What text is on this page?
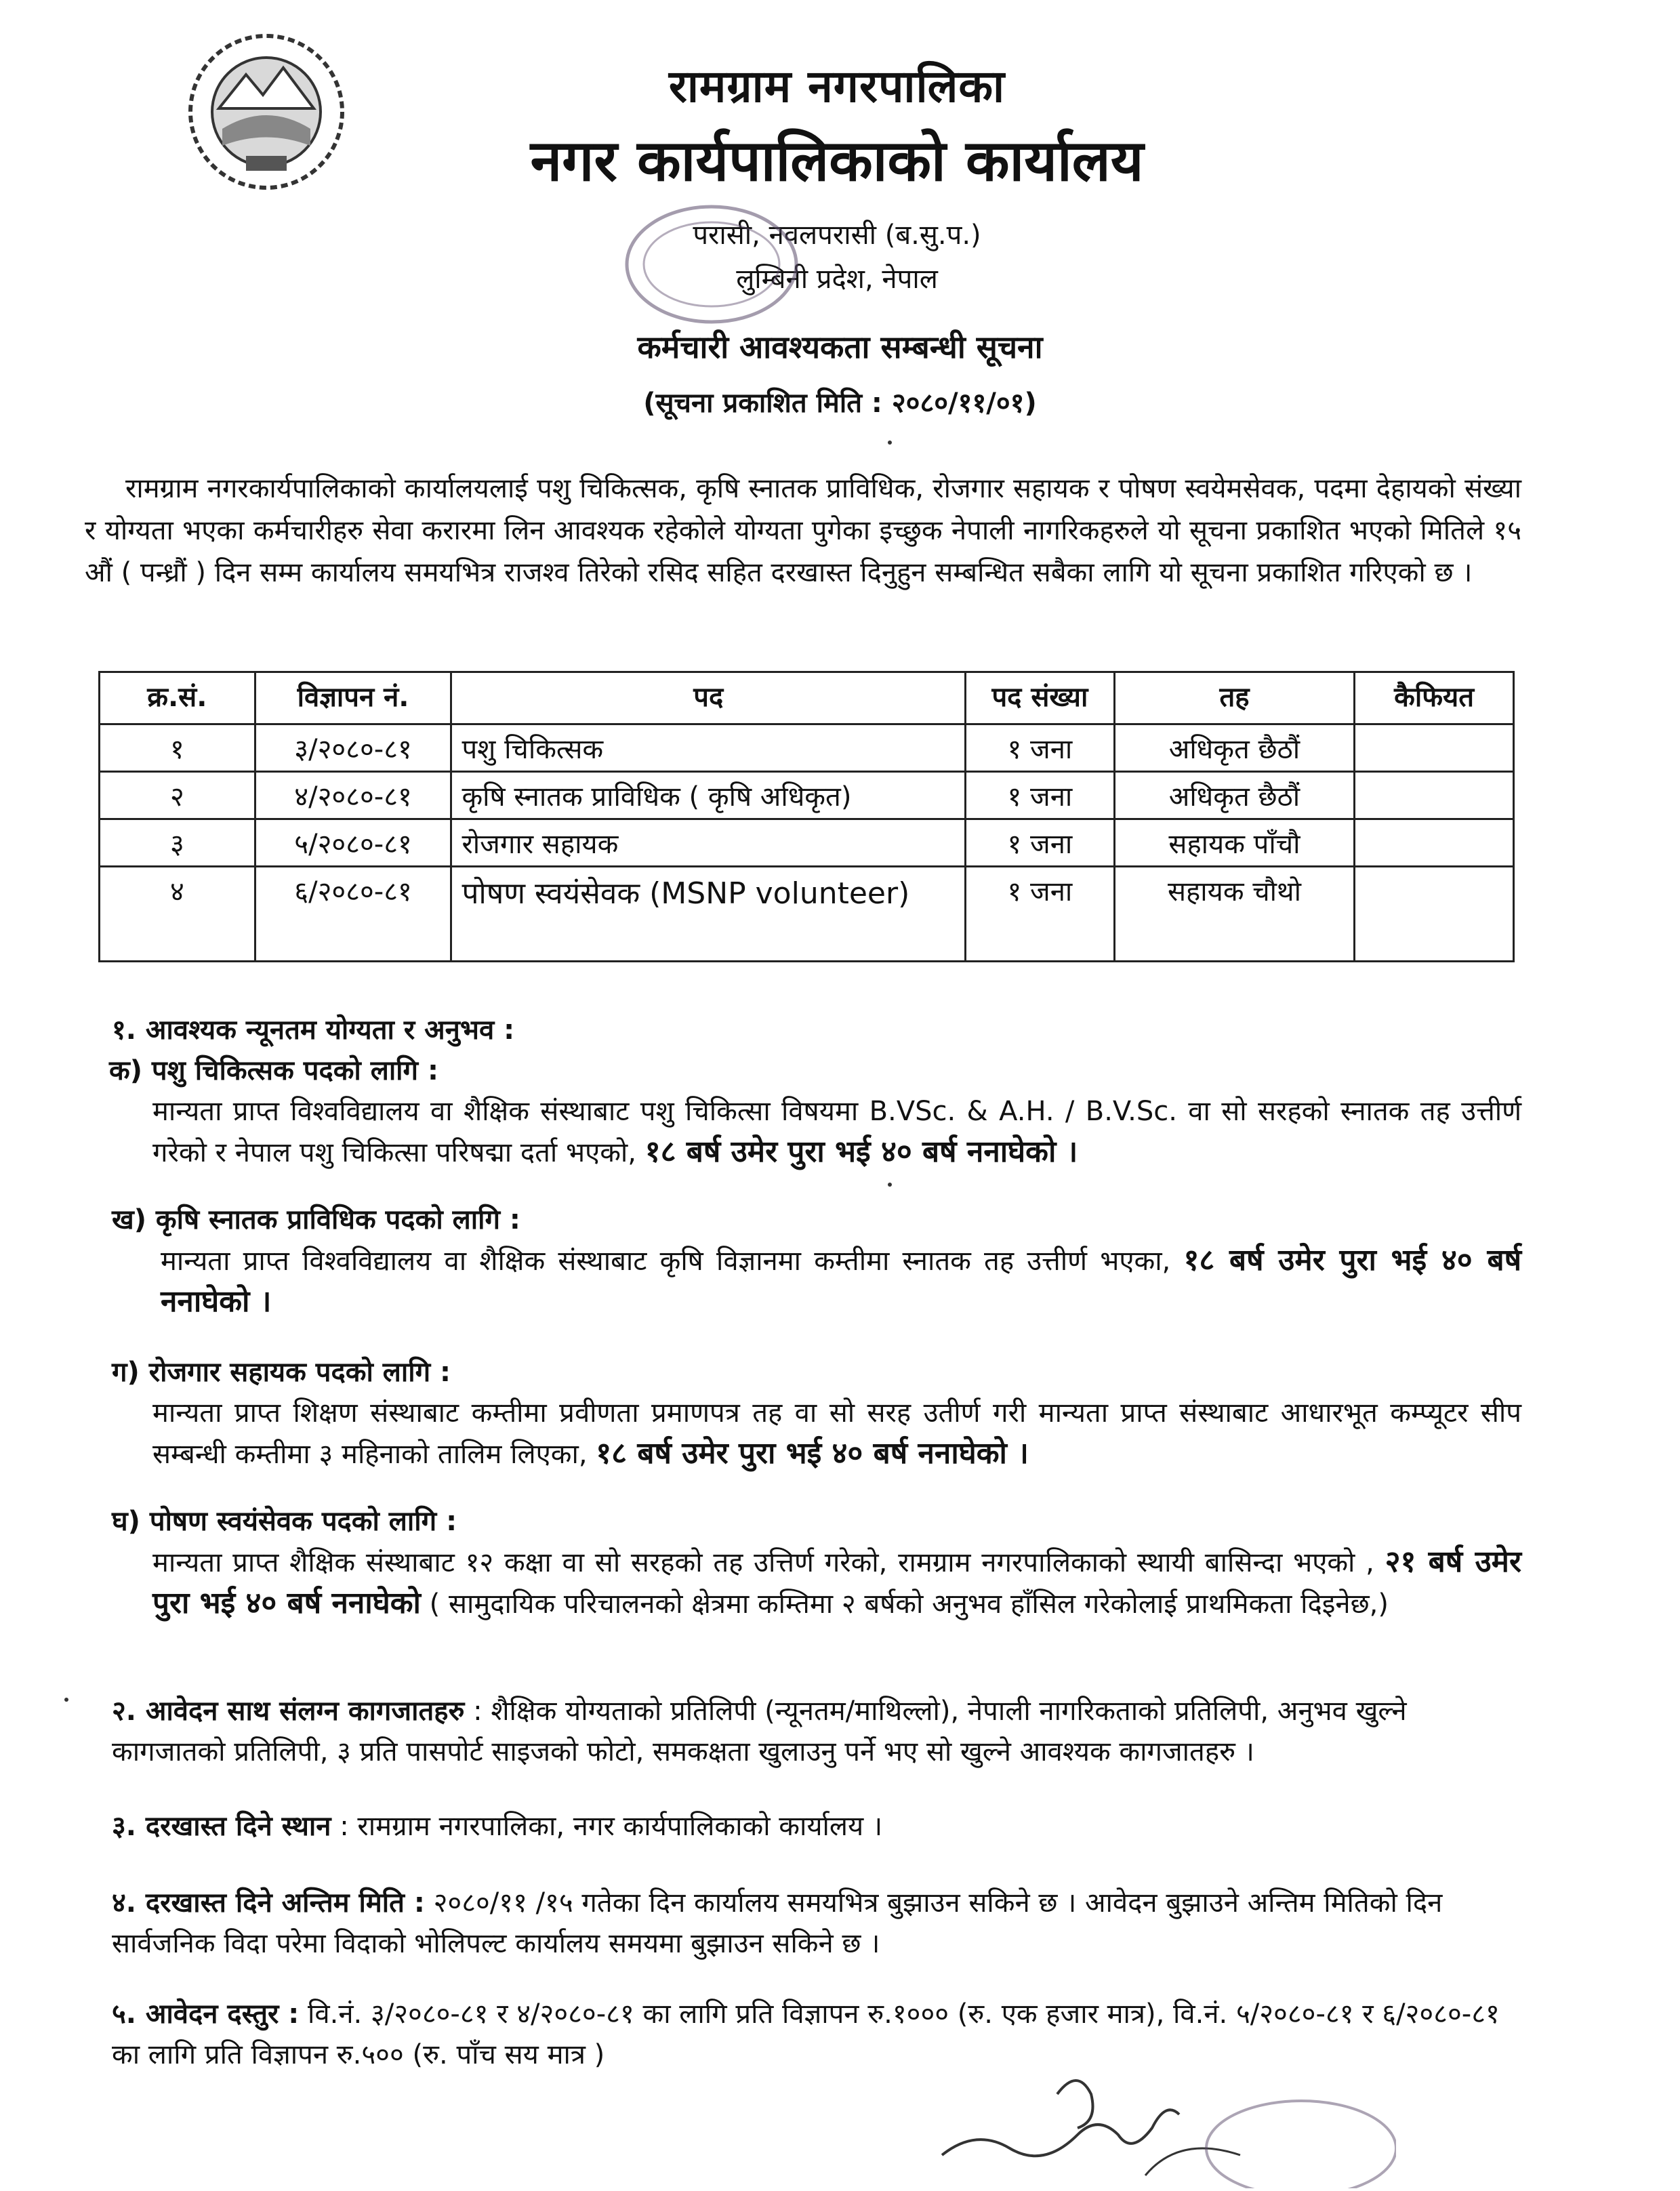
रामग्राम नगरपालिका

नगर कार्यपालिकाको कार्यालय

परासी, नवलपरासी (ब.सु.प.)

लुम्बिनी प्रदेश, नेपाल

कर्मचारी आवश्यकता सम्बन्धी सूचना
(सूचना प्रकाशित मिति : २०८०/११/०१)
रामग्राम नगरकार्यपालिकाको कार्यालयलाई पशु चिकित्सक, कृषि स्नातक प्राविधिक, रोजगार सहायक र पोषण स्वयेमसेवक, पदमा देहायको संख्या र योग्यता भएका कर्मचारीहरु सेवा करारमा लिन आवश्यक रहेकोले योग्यता पुगेका इच्छुक नेपाली नागरिकहरुले यो सूचना प्रकाशित भएको मितिले १५ औं ( पन्ध्रौं ) दिन सम्म कार्यालय समयभित्र राजश्व तिरेको रसिद सहित दरखास्त दिनुहुन सम्बन्धित सबैका लागि यो सूचना प्रकाशित गरिएको छ ।
क्र.सं.	विज्ञापन नं.	पद	पद संख्या	तह	कैफियत
१	३/२०८०-८१	पशु चिकित्सक	१ जना	अधिकृत छैठौं	
२	४/२०८०-८१	कृषि स्नातक प्राविधिक ( कृषि अधिकृत)	१ जना	अधिकृत छैठौं	
३	५/२०८०-८१	रोजगार सहायक	१ जना	सहायक पाँचौ	
४	६/२०८०-८१	पोषण स्वयंसेवक (MSNP volunteer)	१ जना	सहायक चौथो	
१. आवश्यक न्यूनतम योग्यता र अनुभव :
क) पशु चिकित्सक पदको लागि :
मान्यता प्राप्त विश्वविद्यालय वा शैक्षिक संस्थाबाट पशु चिकित्सा विषयमा B.VSc. & A.H. / B.V.Sc. वा सो सरहको स्नातक तह उत्तीर्ण गरेको र नेपाल पशु चिकित्सा परिषद्मा दर्ता भएको, १८ बर्ष उमेर पुरा भई ४० बर्ष ननाघेको ।
ख) कृषि स्नातक प्राविधिक पदको लागि :
मान्यता प्राप्त विश्वविद्यालय वा शैक्षिक संस्थाबाट कृषि विज्ञानमा कम्तीमा स्नातक तह उत्तीर्ण भएका, १८ बर्ष उमेर पुरा भई ४० बर्ष ननाघेको ।
ग) रोजगार सहायक पदको लागि :
मान्यता प्राप्त शिक्षण संस्थाबाट कम्तीमा प्रवीणता प्रमाणपत्र तह वा सो सरह उतीर्ण गरी मान्यता प्राप्त संस्थाबाट आधारभूत कम्प्यूटर सीप सम्बन्धी कम्तीमा ३ महिनाको तालिम लिएका, १८ बर्ष उमेर पुरा भई ४० बर्ष ननाघेको ।
घ) पोषण स्वयंसेवक पदको लागि :
मान्यता प्राप्त शैक्षिक संस्थाबाट १२ कक्षा वा सो सरहको तह उत्तिर्ण गरेको, रामग्राम नगरपालिकाको स्थायी बासिन्दा भएको , २१ बर्ष उमेर पुरा भई ४० बर्ष ननाघेको ( सामुदायिक परिचालनको क्षेत्रमा कम्तिमा २ बर्षको अनुभव हाँसिल गरेकोलाई प्राथमिकता दिइनेछ,)
२. आवेदन साथ संलग्न कागजातहरु : शैक्षिक योग्यताको प्रतिलिपी (न्यूनतम/माथिल्लो), नेपाली नागरिकताको प्रतिलिपी, अनुभव खुल्ने कागजातको प्रतिलिपी, ३ प्रति पासपोर्ट साइजको फोटो, समकक्षता खुलाउनु पर्ने भए सो खुल्ने आवश्यक कागजातहरु ।
३. दरखास्त दिने स्थान : रामग्राम नगरपालिका, नगर कार्यपालिकाको कार्यालय ।
४. दरखास्त दिने अन्तिम मिति : २०८०/११ /१५ गतेका दिन कार्यालय समयभित्र बुझाउन सकिने छ । आवेदन बुझाउने अन्तिम मितिको दिन सार्वजनिक विदा परेमा विदाको भोलिपल्ट कार्यालय समयमा बुझाउन सकिने छ ।
५. आवेदन दस्तुर : वि.नं. ३/२०८०-८१ र ४/२०८०-८१ का लागि प्रति विज्ञापन रु.१००० (रु. एक हजार मात्र), वि.नं. ५/२०८०-८१ र ६/२०८०-८१ का लागि प्रति विज्ञापन रु.५०० (रु. पाँच सय मात्र )
